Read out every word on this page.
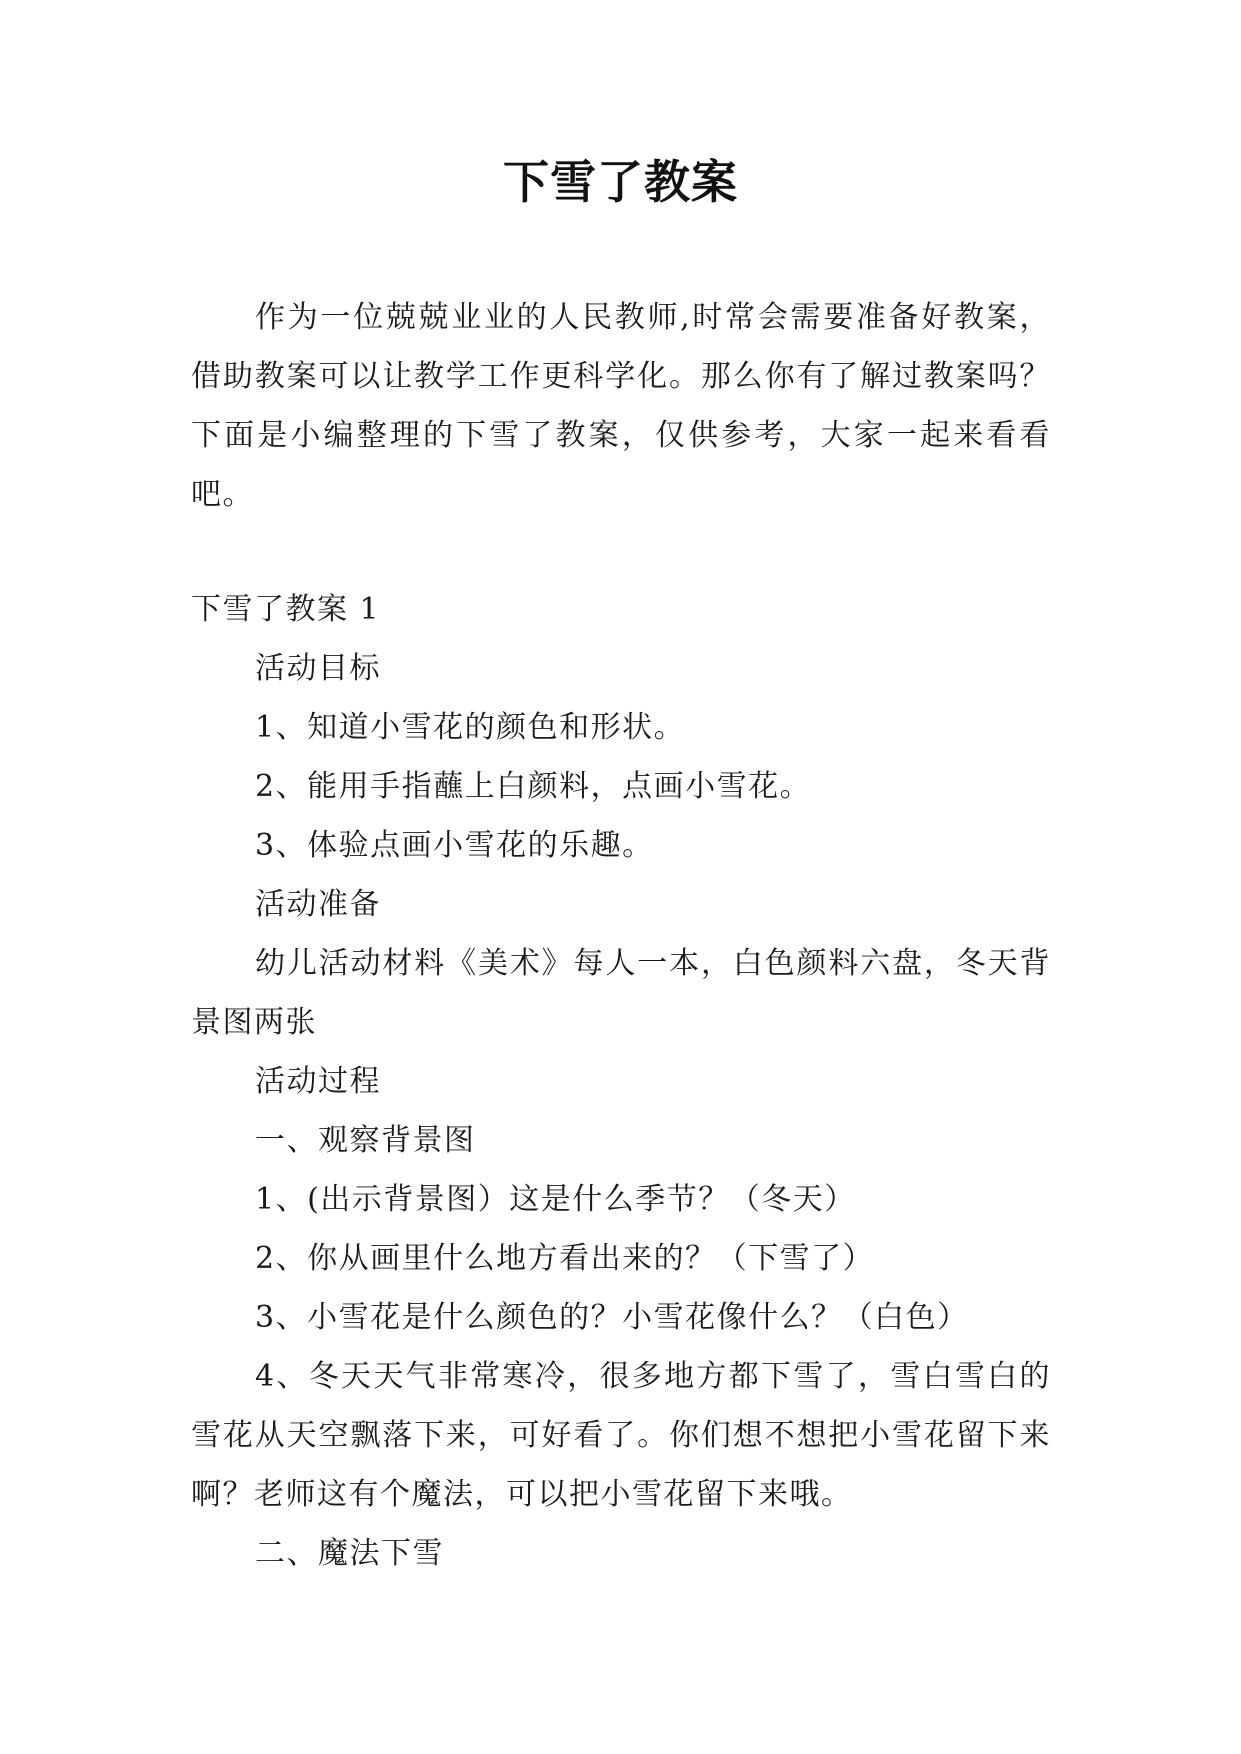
下雪了教案

作为一位兢兢业业的人民教师,时常会需要准备好教案，借助教案可以让教学工作更科学化。那么你有了解过教案吗？下面是小编整理的下雪了教案，仅供参考，大家一起来看看吧。

下雪了教案 1

活动目标

1、知道小雪花的颜色和形状。

2、能用手指蘸上白颜料，点画小雪花。

3、体验点画小雪花的乐趣。

活动准备

幼儿活动材料《美术》每人一本，白色颜料六盘，冬天背景图两张

活动过程

一、观察背景图

1、(出示背景图）这是什么季节？（冬天）

2、你从画里什么地方看出来的？（下雪了）

3、小雪花是什么颜色的？小雪花像什么？（白色）

4、冬天天气非常寒冷，很多地方都下雪了，雪白雪白的雪花从天空飘落下来，可好看了。你们想不想把小雪花留下来啊？老师这有个魔法，可以把小雪花留下来哦。

二、魔法下雪
